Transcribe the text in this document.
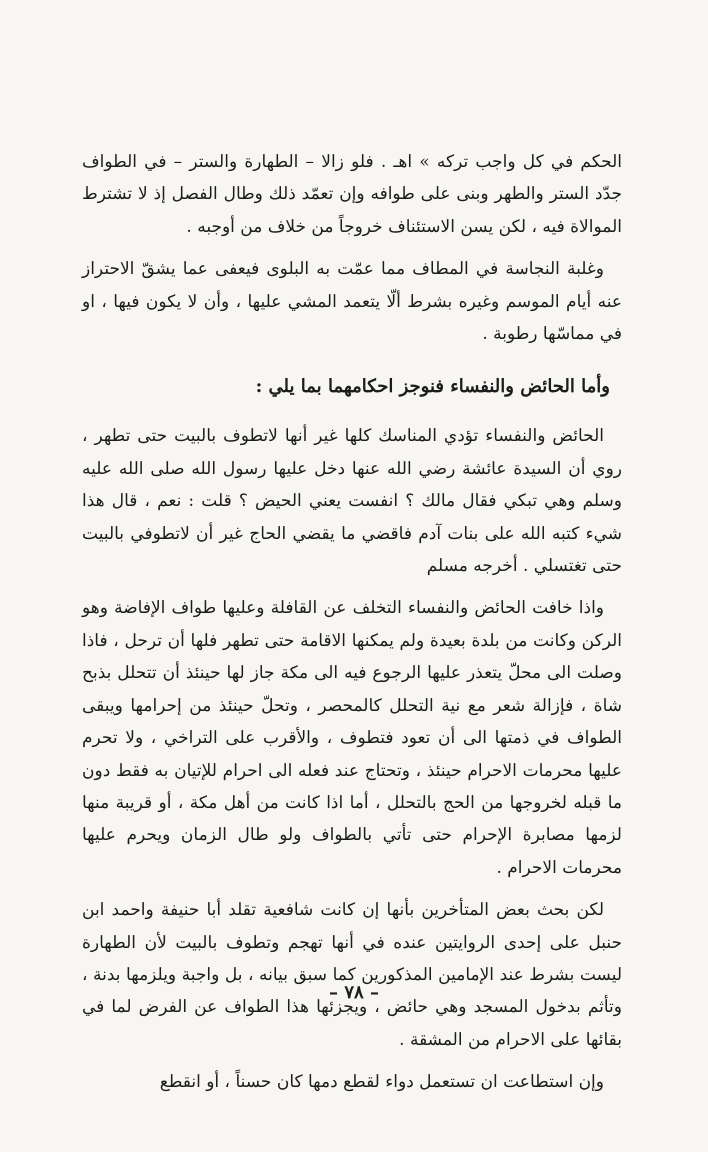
الحكم في كل واجب تركه » اهـ . فلو زالا – الطهارة والستر – في الطواف جدّد الستر والطهر وبنى على طوافه وإن تعمّد ذلك وطال الفصل إذ لا تشترط الموالاة فيه ، لكن يسن الاستئناف خروجاً من خلاف من أوجبه .

وغلبة النجاسة في المطاف مما عمّت به البلوى فيعفى عما يشقّ الاحتراز عنه أيام الموسم وغيره بشرط ألّا يتعمد المشي عليها ، وأن لا يكون فيها ، او في مماسّها رطوبة .

وأما الحائض والنفساء فنوجز احكامهما بما يلي :

الحائض والنفساء تؤدي المناسك كلها غير أنها لاتطوف بالبيت حتى تطهر ، روي أن السيدة عائشة رضي الله عنها دخل عليها رسول الله صلى الله عليه وسلم وهي تبكي فقال مالك ؟ انفست يعني الحيض ؟ قلت : نعم ، قال هذا شيء كتبه الله على بنات آدم فاقضي ما يقضي الحاج غير أن لاتطوفي بالبيت حتى تغتسلي . أخرجه مسلم

واذا خافت الحائض والنفساء التخلف عن القافلة وعليها طواف الإفاضة وهو الركن وكانت من بلدة بعيدة ولم يمكنها الاقامة حتى تطهر فلها أن ترحل ، فاذا وصلت الى محلّ يتعذر عليها الرجوع فيه الى مكة جاز لها حينئذ أن تتحلل بذبح شاة ، فإزالة شعر مع نية التحلل كالمحصر ، وتحلّ حينئذ من إحرامها ويبقى الطواف في ذمتها الى أن تعود فتطوف ، والأقرب على التراخي ، ولا تحرم عليها محرمات الاحرام حينئذ ، وتحتاج عند فعله الى احرام للإتيان به فقط دون ما قبله لخروجها من الحج بالتحلل ، أما اذا كانت من أهل مكة ، أو قريبة منها لزمها مصابرة الإحرام حتى تأتي بالطواف ولو طال الزمان ويحرم عليها محرمات الاحرام .

لكن بحث بعض المتأخرين بأنها إن كانت شافعية تقلد أبا حنيفة واحمد ابن حنبل على إحدى الروايتين عنده في أنها تهجم وتطوف بالبيت لأن الطهارة ليست بشرط عند الإمامين المذكورين كما سبق بيانه ، بل واجبة ويلزمها بدنة ، وتأثم بدخول المسجد وهي حائض ، ويجزئها هذا الطواف عن الفرض لما في بقائها على الاحرام من المشقة .

وإن استطاعت ان تستعمل دواء لقطع دمها كان حسناً ، أو انقطع

– ٧٨ –
